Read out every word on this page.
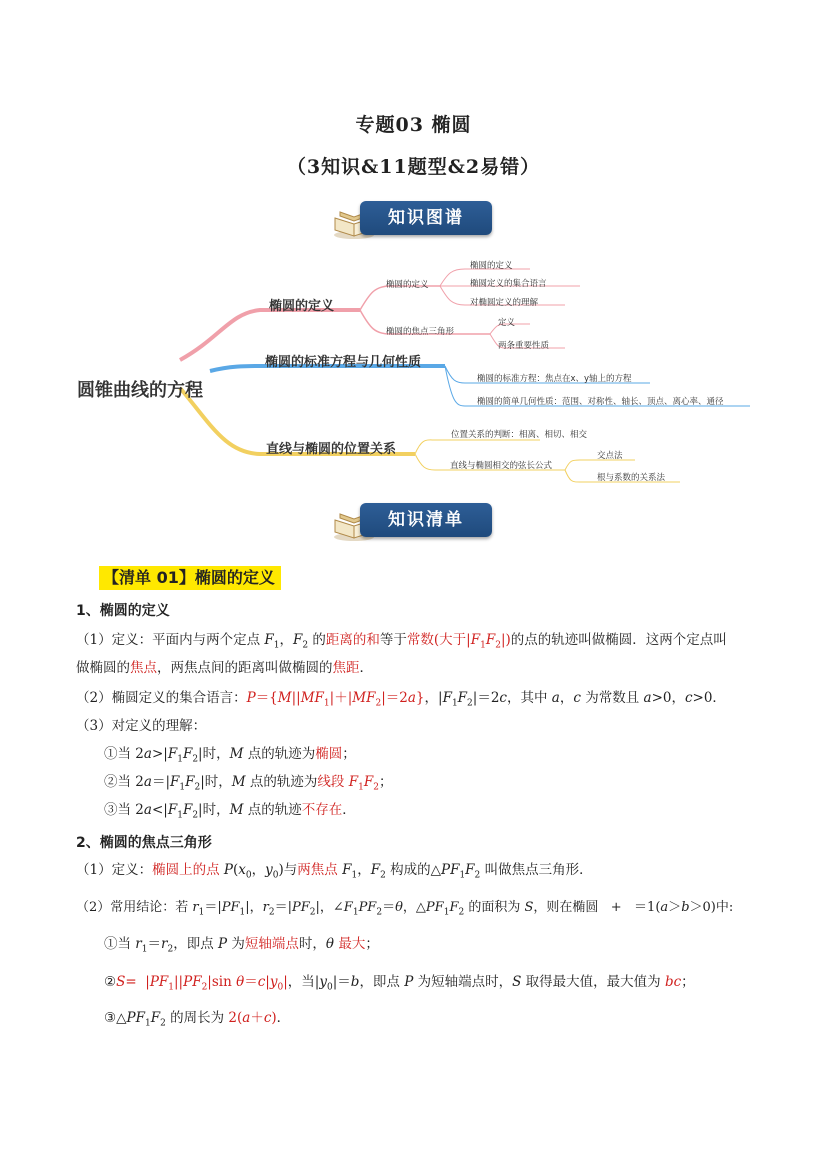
专题03 椭圆
（3知识&11题型&2易错）
知识图谱
圆锥曲线的方程
椭圆的定义
椭圆的定义
椭圆的定义
椭圆定义的集合语言
对椭圆定义的理解
椭圆的焦点三角形
定义
两条重要性质
椭圆的标准方程与几何性质
椭圆的标准方程：焦点在x、y轴上的方程
椭圆的简单几何性质：范围、对称性、轴长、顶点、离心率、通径
直线与椭圆的位置关系
位置关系的判断：相离、相切、相交
直线与椭圆相交的弦长公式
交点法
根与系数的关系法
知识清单
【清单 01】椭圆的定义
1、椭圆的定义
（1）定义：平面内与两个定点 $F_1$，$F_2$ 的距离的和等于常数(大于$|F_1F_2|$)的点的轨迹叫做椭圆．这两个定点叫
做椭圆的焦点，两焦点间的距离叫做椭圆的焦距．
（2）椭圆定义的集合语言：$P=\{M||MF_1|+|MF_2|=2a\}$，$|F_1F_2|=2c$，其中 a，c 为常数且 a>0，c>0．
（3）对定义的理解：
①当 $2a>|F_1F_2|$时，M 点的轨迹为椭圆；
②当 $2a=|F_1F_2|$时，M 点的轨迹为线段 $F_1F_2$；
③当 $2a<|F_1F_2|$时，M 点的轨迹不存在．
2、椭圆的焦点三角形
（1）定义：椭圆上的点 $P(x_0$，$y_0$)与两焦点 $F_1$，$F_2$ 构成的$\triangle PF_1F_2$ 叫做焦点三角形．
（2）常用结论：若 $r_1=|PF_1|$，$r_2=|PF_2|$，$\angle F_1PF_2=\theta$，$\triangle PF_1F_2$ 的面积为 S，则在椭圆   +   ＝1(a＞b＞0)中:
①当 $r_1=r_2$，即点 P 为短轴端点时，θ 最大；
②S=  $|PF_1||PF_2|\sin$ $\theta=c|y_0|$，当$|y_0|=b$，即点 P 为短轴端点时，S 取得最大值，最大值为 bc；
$③\triangle PF_1F_2$ 的周长为 2(a＋c)．
